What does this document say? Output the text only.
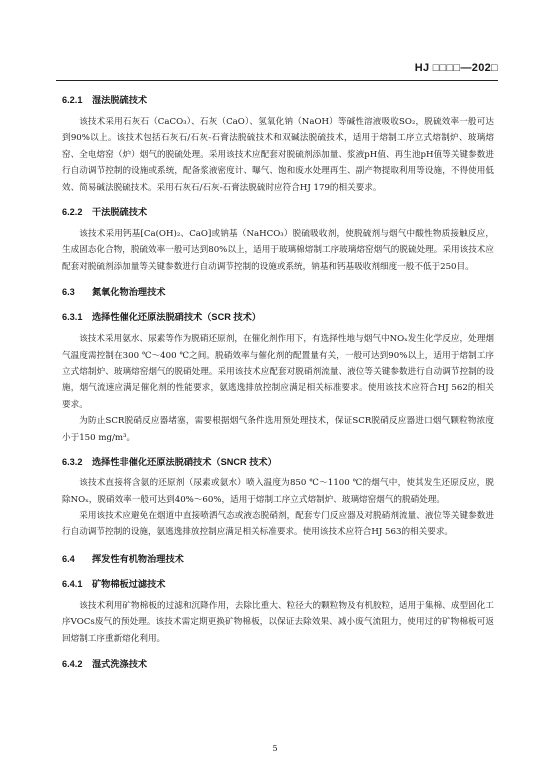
HJ □□□□—202□
6.2.1 湿法脱硫技术

该技术采用石灰石（CaCO₃）、石灰（CaO）、氢氧化钠（NaOH）等碱性溶液吸收SO₂，脱硫效率一般可达到90%以上。该技术包括石灰石/石灰-石膏法脱硫技术和双碱法脱硫技术，适用于熔制工序立式熔制炉、玻璃熔窑、全电熔窑（炉）烟气的脱硫处理。采用该技术应配套对脱硫剂添加量、浆液pH值、再生池pH值等关键参数进行自动调节控制的设施或系统，配备浆液密度计、曝气、饱和废水处理再生、副产物提取利用等设施，不得使用低效、简易碱法脱硫技术。采用石灰石/石灰-石膏法脱硫时应符合HJ 179的相关要求。

6.2.2 干法脱硫技术

该技术采用钙基[Ca(OH)₂、CaO]或钠基（NaHCO₃）脱硫吸收剂，使脱硫剂与烟气中酸性物质接触反应，生成固态化合物，脱硫效率一般可达到80%以上，适用于玻璃棉熔制工序玻璃熔窑烟气的脱硫处理。采用该技术应配套对脱硫剂添加量等关键参数进行自动调节控制的设施或系统，钠基和钙基吸收剂细度一般不低于250目。

6.3 氮氧化物治理技术
6.3.1 选择性催化还原法脱硝技术（SCR 技术）

该技术采用氨水、尿素等作为脱硝还原剂，在催化剂作用下，有选择性地与烟气中NOₓ发生化学反应，处理烟气温度需控制在300 ℃～400 ℃之间。脱硝效率与催化剂的配置量有关，一般可达到90%以上，适用于熔制工序立式熔制炉、玻璃熔窑烟气的脱硝处理。采用该技术应配套对脱硝剂流量、液位等关键参数进行自动调节控制的设施，烟气流速应满足催化剂的性能要求，氨逃逸排放控制应满足相关标准要求。使用该技术应符合HJ 562的相关要求。

为防止SCR脱硝反应器堵塞，需要根据烟气条件选用预处理技术，保证SCR脱硝反应器进口烟气颗粒物浓度小于150 mg/m³。

6.3.2 选择性非催化还原法脱硝技术（SNCR 技术）

该技术直接将含氨的还原剂（尿素或氨水）喷入温度为850 ℃～1100 ℃的烟气中，使其发生还原反应，脱除NOₓ，脱硝效率一般可达到40%～60%，适用于熔制工序立式熔制炉、玻璃熔窑烟气的脱硝处理。

采用该技术应避免在烟道中直接喷洒气态或液态脱硝剂，配套专门反应器及对脱硝剂流量、液位等关键参数进行自动调节控制的设施，氨逃逸排放控制应满足相关标准要求。使用该技术应符合HJ 563的相关要求。

6.4 挥发性有机物治理技术
6.4.1 矿物棉板过滤技术

该技术利用矿物棉板的过滤和沉降作用，去除比重大、粒径大的颗粒物及有机胶粒，适用于集棉、成型固化工序VOCs废气的预处理。该技术需定期更换矿物棉板，以保证去除效果、减小废气流阻力，使用过的矿物棉板可返回熔制工序重新熔化利用。

6.4.2 湿式洗涤技术
5
